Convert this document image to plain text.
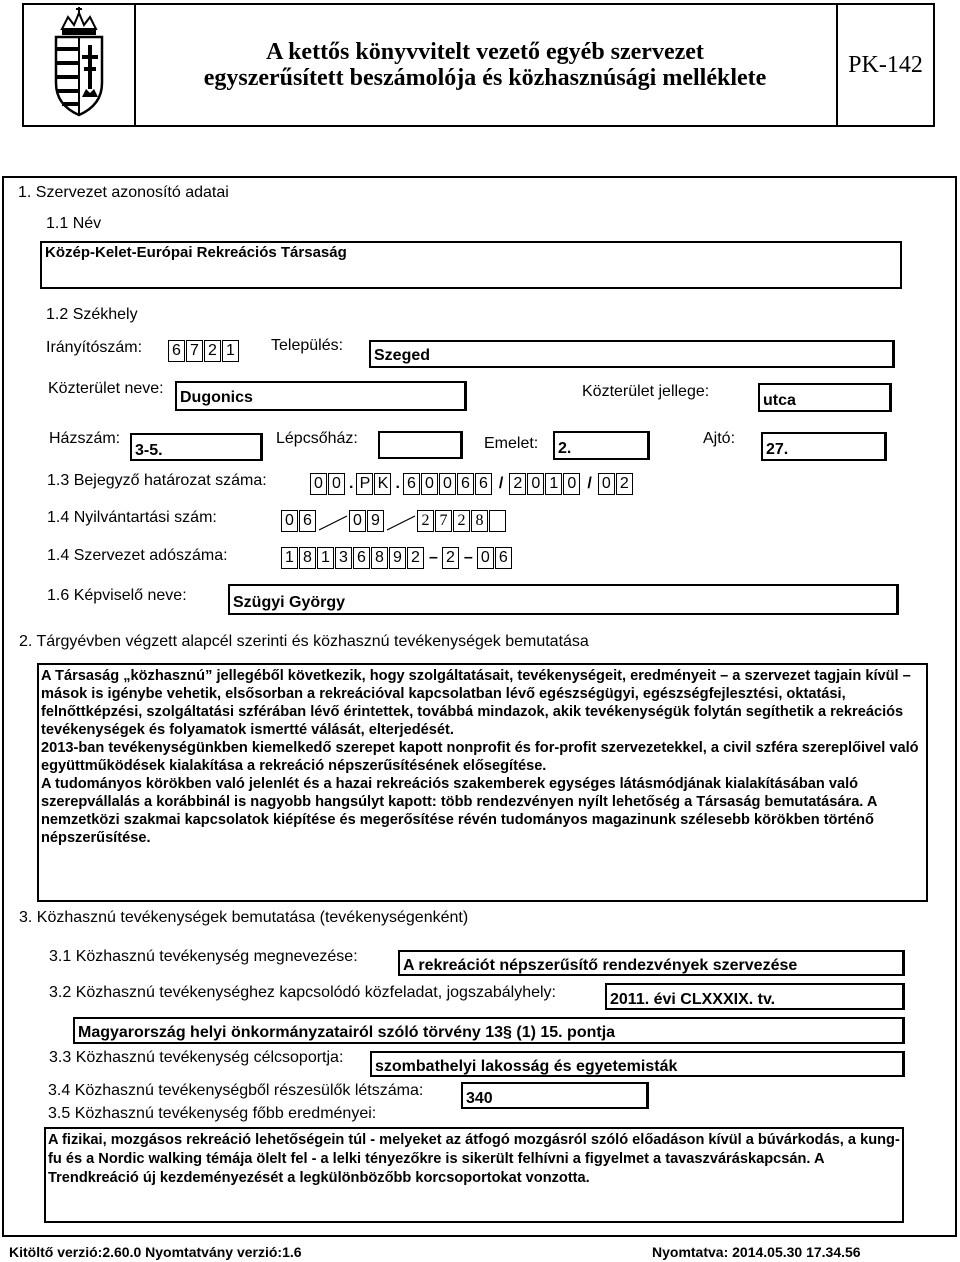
A kettős könyvvitelt vezető egyéb szervezet
egyszerűsített beszámolója és közhasznúsági melléklete
PK-142
1. Szervezet azonosító adatai
1.1 Név
Közép-Kelet-Európai Rekreációs Társaság
1.2 Székhely
Irányítószám: 6 7 2 1 Település:
Szeged
Közterület neve:
Dugonics	Közterület jellege:
utca
Házszám:
3-5.
Lépcsőház:	Emelet:	2.
Ajtó:
27.
1.3 Bejegyző határozat száma:	0 0 . P K . 6 0 0 6 6 / 2 0 1 0 / 0 2
1.4 Nyilvántartási szám:	0 6	0 9	2 7 2 8
1.4 Szervezet adószáma:	1 8 1 3 6 8 9 2 – 2 – 0 6
1.6 Képviselő neve:	Szügyi György
2. Tárgyévben végzett alapcél szerinti és közhasznú tevékenységek bemutatása
A Társaság „közhasznú” jellegéből következik, hogy szolgáltatásait, tevékenységeit, eredményeit – a szervezet tagjain kívül – mások is igénybe vehetik, elsősorban a rekreációval kapcsolatban lévő egészségügyi, egészségfejlesztési, oktatási, felnőttképzési, szolgáltatási szférában lévő érintettek, továbbá mindazok, akik tevékenységük folytán segíthetik a rekreációs tevékenységek és folyamatok ismertté válását, elterjedését.
2013-ban tevékenységünkben kiemelkedő szerepet kapott nonprofit és for-profit szervezetekkel, a civil szféra szereplőivel való együttműködések kialakítása a rekreáció népszerűsítésének elősegítése.
A tudományos körökben való jelenlét és a hazai rekreációs szakemberek egységes látásmódjának kialakításában való szerepvállalás a korábbinál is nagyobb hangsúlyt kapott: több rendezvényen nyílt lehetőség a Társaság bemutatására. A nemzetközi szakmai kapcsolatok kiépítése és megerősítése révén tudományos magazinunk szélesebb körökben történő népszerűsítése.
3. Közhasznú tevékenységek bemutatása (tevékenységenként)
3.1 Közhasznú tevékenység megnevezése:
A rekreációt népszerűsítő rendezvények szervezése
3.2 Közhasznú tevékenységhez kapcsolódó közfeladat, jogszabályhely:	2011. évi CLXXXIX. tv.
Magyarország helyi önkormányzatairól szóló törvény 13§ (1) 15. pontja
3.3 Közhasznú tevékenység célcsoportja:
szombathelyi lakosság és egyetemisták
3.4 Közhasznú tevékenységből részesülők létszáma:	340
3.5 Közhasznú tevékenység főbb eredményei:
A fizikai, mozgásos rekreáció lehetőségein túl - melyeket az átfogó mozgásról szóló előadáson kívül a búvárkodás, a kung-fu és a Nordic walking témája ölelt fel - a lelki tényezőkre is sikerült felhívni a figyelmet a tavaszváráskapcsán. A Trendkreáció új kezdeményezését a legkülönbözőbb korcsoportokat vonzotta.
Kitöltő verzió:2.60.0 Nyomtatvány verzió:1.6	Nyomtatva: 2014.05.30 17.34.56
